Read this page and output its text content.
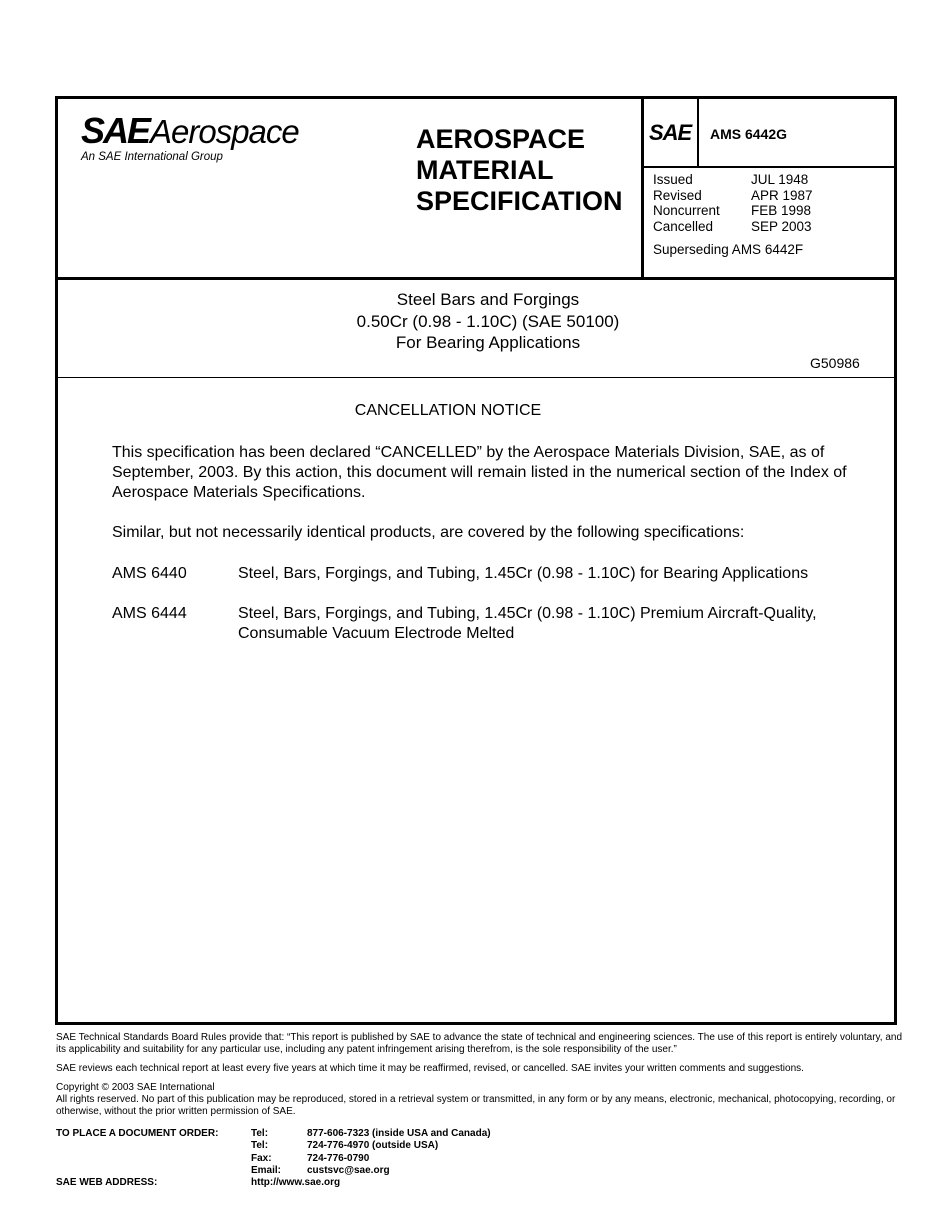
SAE Aerospace
An SAE International Group
AEROSPACE
MATERIAL
SPECIFICATION
SAE AMS 6442G
Issued	JUL 1948
Revised	APR 1987
Noncurrent	FEB 1998
Cancelled	SEP 2003
Superseding AMS 6442F
Steel Bars and Forgings
0.50Cr (0.98 - 1.10C) (SAE 50100)
For Bearing Applications
G50986
CANCELLATION NOTICE
This specification has been declared “CANCELLED” by the Aerospace Materials Division, SAE, as of September, 2003. By this action, this document will remain listed in the numerical section of the Index of Aerospace Materials Specifications.
Similar, but not necessarily identical products, are covered by the following specifications:
AMS 6440	Steel, Bars, Forgings, and Tubing, 1.45Cr (0.98 - 1.10C) for Bearing Applications
AMS 6444	Steel, Bars, Forgings, and Tubing, 1.45Cr (0.98 - 1.10C) Premium Aircraft-Quality, Consumable Vacuum Electrode Melted
SAE Technical Standards Board Rules provide that: “This report is published by SAE to advance the state of technical and engineering sciences. The use of this report is entirely voluntary, and its applicability and suitability for any particular use, including any patent infringement arising therefrom, is the sole responsibility of the user.”
SAE reviews each technical report at least every five years at which time it may be reaffirmed, revised, or cancelled. SAE invites your written comments and suggestions.
Copyright © 2003 SAE International
All rights reserved. No part of this publication may be reproduced, stored in a retrieval system or transmitted, in any form or by any means, electronic, mechanical, photocopying, recording, or otherwise, without the prior written permission of SAE.
TO PLACE A DOCUMENT ORDER:	Tel:	877-606-7323 (inside USA and Canada)
Tel:	724-776-4970 (outside USA)
Fax:	724-776-0790
Email:	custsvc@sae.org
SAE WEB ADDRESS:	http://www.sae.org
